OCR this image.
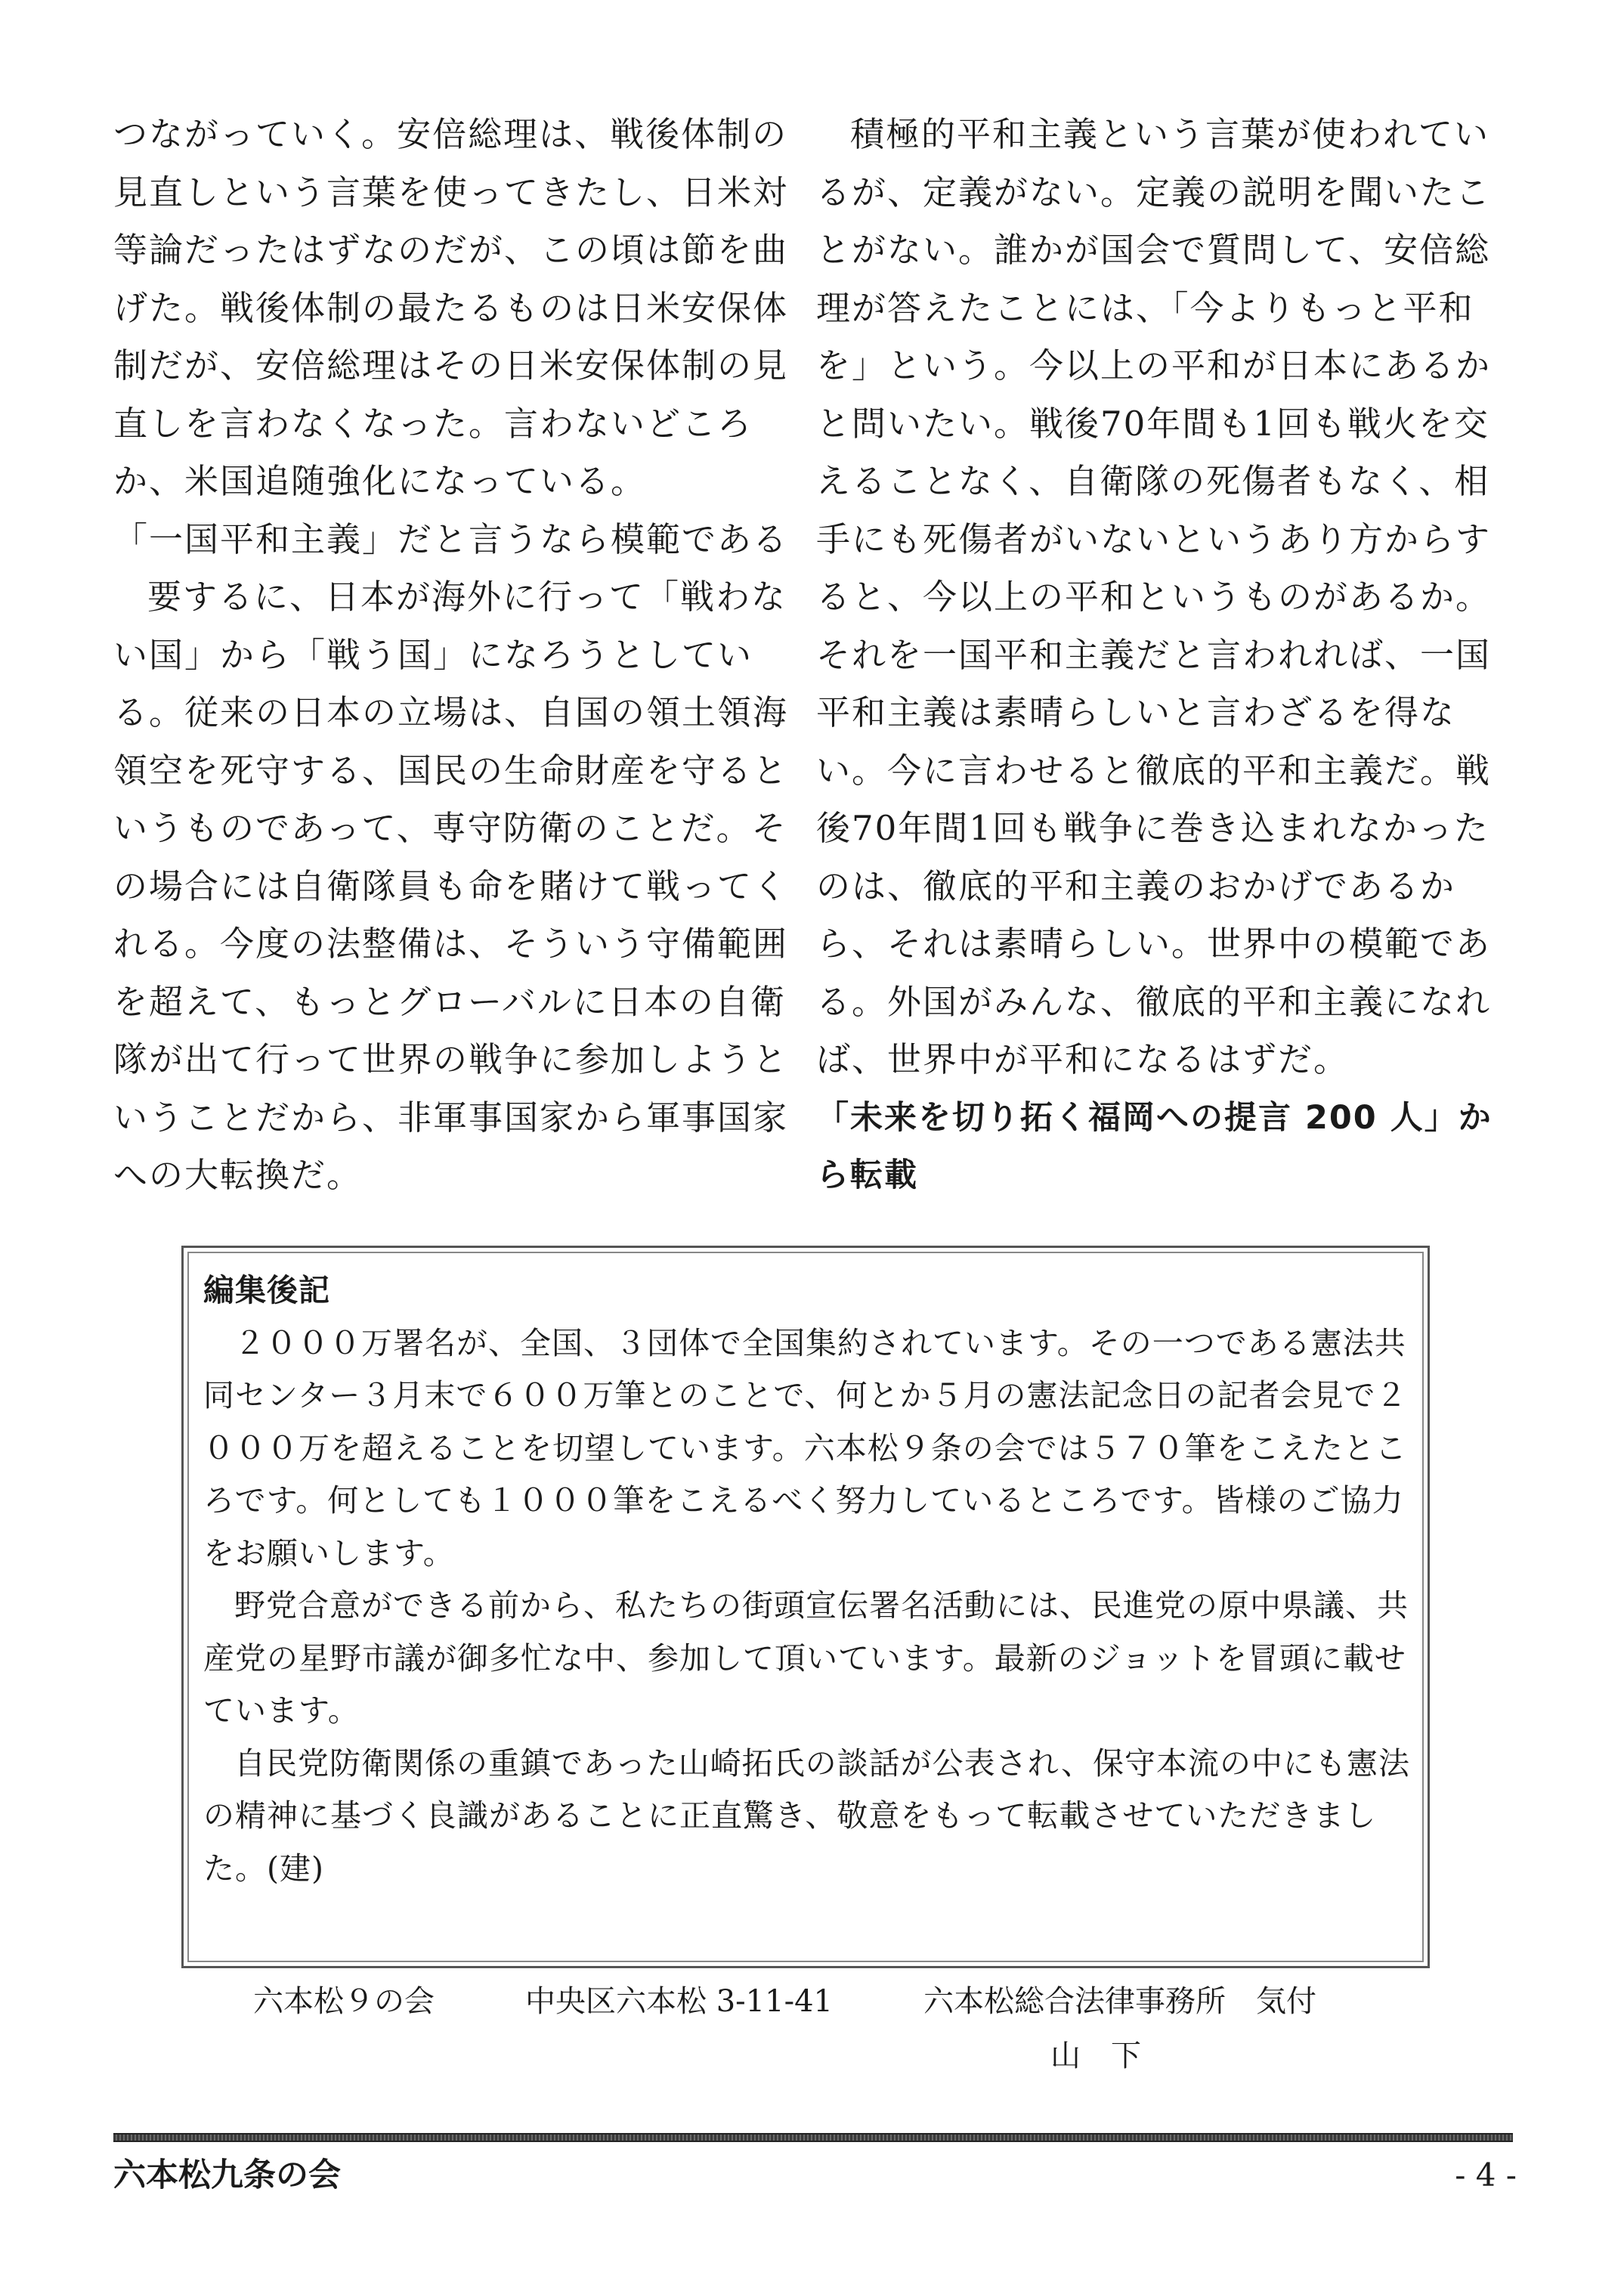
つながっていく。安倍総理は、戦後体制の見直しという言葉を使ってきたし、日米対等論だったはずなのだが、この頃は節を曲げた。戦後体制の最たるものは日米安保体制だが、安倍総理はその日米安保体制の見直しを言わなくなった。言わないどころか、米国追随強化になっている。

「一国平和主義」だと言うなら模範である

要するに、日本が海外に行って「戦わない国」から「戦う国」になろうとしている。従来の日本の立場は、自国の領土領海領空を死守する、国民の生命財産を守るというものであって、専守防衛のことだ。その場合には自衛隊員も命を賭けて戦ってくれる。今度の法整備は、そういう守備範囲を超えて、もっとグローバルに日本の自衛隊が出て行って世界の戦争に参加しようということだから、非軍事国家から軍事国家への大転換だ。

積極的平和主義という言葉が使われているが、定義がない。定義の説明を聞いたことがない。誰かが国会で質問して、安倍総理が答えたことには、「今よりもっと平和を」という。今以上の平和が日本にあるかと問いたい。戦後70年間も1回も戦火を交えることなく、自衛隊の死傷者もなく、相手にも死傷者がいないというあり方からすると、今以上の平和というものがあるか。それを一国平和主義だと言われれば、一国平和主義は素晴らしいと言わざるを得ない。今に言わせると徹底的平和主義だ。戦後70年間1回も戦争に巻き込まれなかったのは、徹底的平和主義のおかげであるから、それは素晴らしい。世界中の模範である。外国がみんな、徹底的平和主義になれば、世界中が平和になるはずだ。

「未来を切り拓く福岡への提言 200 人」から転載

編集後記

２０００万署名が、全国、３団体で全国集約されています。その一つである憲法共同センター３月末で６００万筆とのことで、何とか５月の憲法記念日の記者会見で２０００万を超えることを切望しています。六本松９条の会では５７０筆をこえたところです。何としても１０００筆をこえるべく努力しているところです。皆様のご協力をお願いします。

野党合意ができる前から、私たちの街頭宣伝署名活動には、民進党の原中県議、共産党の星野市議が御多忙な中、参加して頂いています。最新のジョットを冒頭に載せています。

自民党防衛関係の重鎮であった山崎拓氏の談話が公表され、保守本流の中にも憲法の精神に基づく良識があることに正直驚き、敬意をもって転載させていただきました。(建)

六本松９の会　　　	中央区六本松 3-11-41　　　	六本松総合法律事務所　気付
山　下
六本松九条の会	- 4 -
